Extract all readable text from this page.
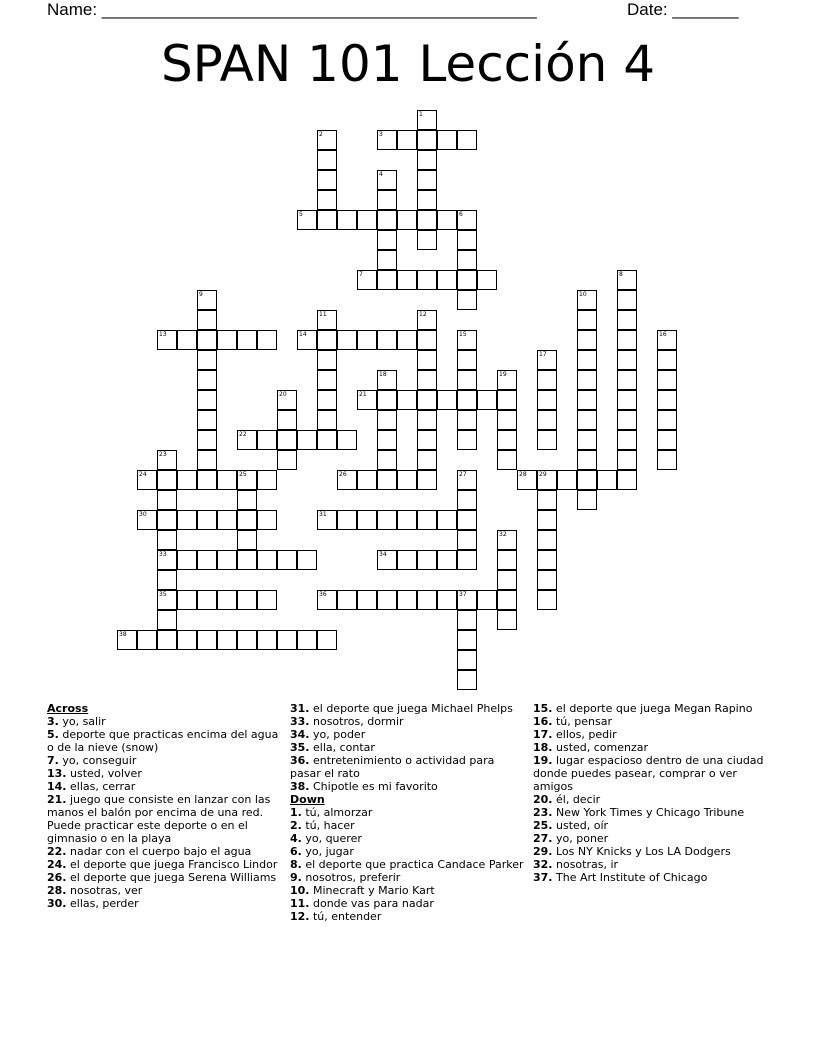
Name: ______________________________________________	Date: _______
SPAN 101 Lección 4
1
2	3
4
5	6
7	8
9	10
11	12
13	14	15	16
17
18	19
20	21
22
23
33
35
24	25	26	27	28 29
30	31
32
34
36	37
38
Across
3. yo, salir
5. deporte que practicas encima del agua o de la nieve (snow)
7. yo, conseguir
13. usted, volver
14. ellas, cerrar
21. juego que consiste en lanzar con las manos el balón por encima de una red. Puede practicar este deporte o en el gimnasio o en la playa
22. nadar con el cuerpo bajo el agua
24. el deporte que juega Francisco Lindor
26. el deporte que juega Serena Williams
28. nosotras, ver
30. ellas, perder
31. el deporte que juega Michael Phelps
33. nosotros, dormir
34. yo, poder
35. ella, contar
36. entretenimiento o actividad para pasar el rato
38. Chipotle es mi favorito
Down
1. tú, almorzar
2. tú, hacer
4. yo, querer
6. yo, jugar
8. el deporte que practica Candace Parker
9. nosotros, preferir
10. Minecraft y Mario Kart
11. donde vas para nadar
12. tú, entender
15. el deporte que juega Megan Rapino
16. tú, pensar
17. ellos, pedir
18. usted, comenzar
19. lugar espacioso dentro de una ciudad donde puedes pasear, comprar o ver amigos
20. él, decir
23. New York Times y Chicago Tribune
25. usted, oír
27. yo, poner
29. Los NY Knicks y Los LA Dodgers
32. nosotras, ir
37. The Art Institute of Chicago
